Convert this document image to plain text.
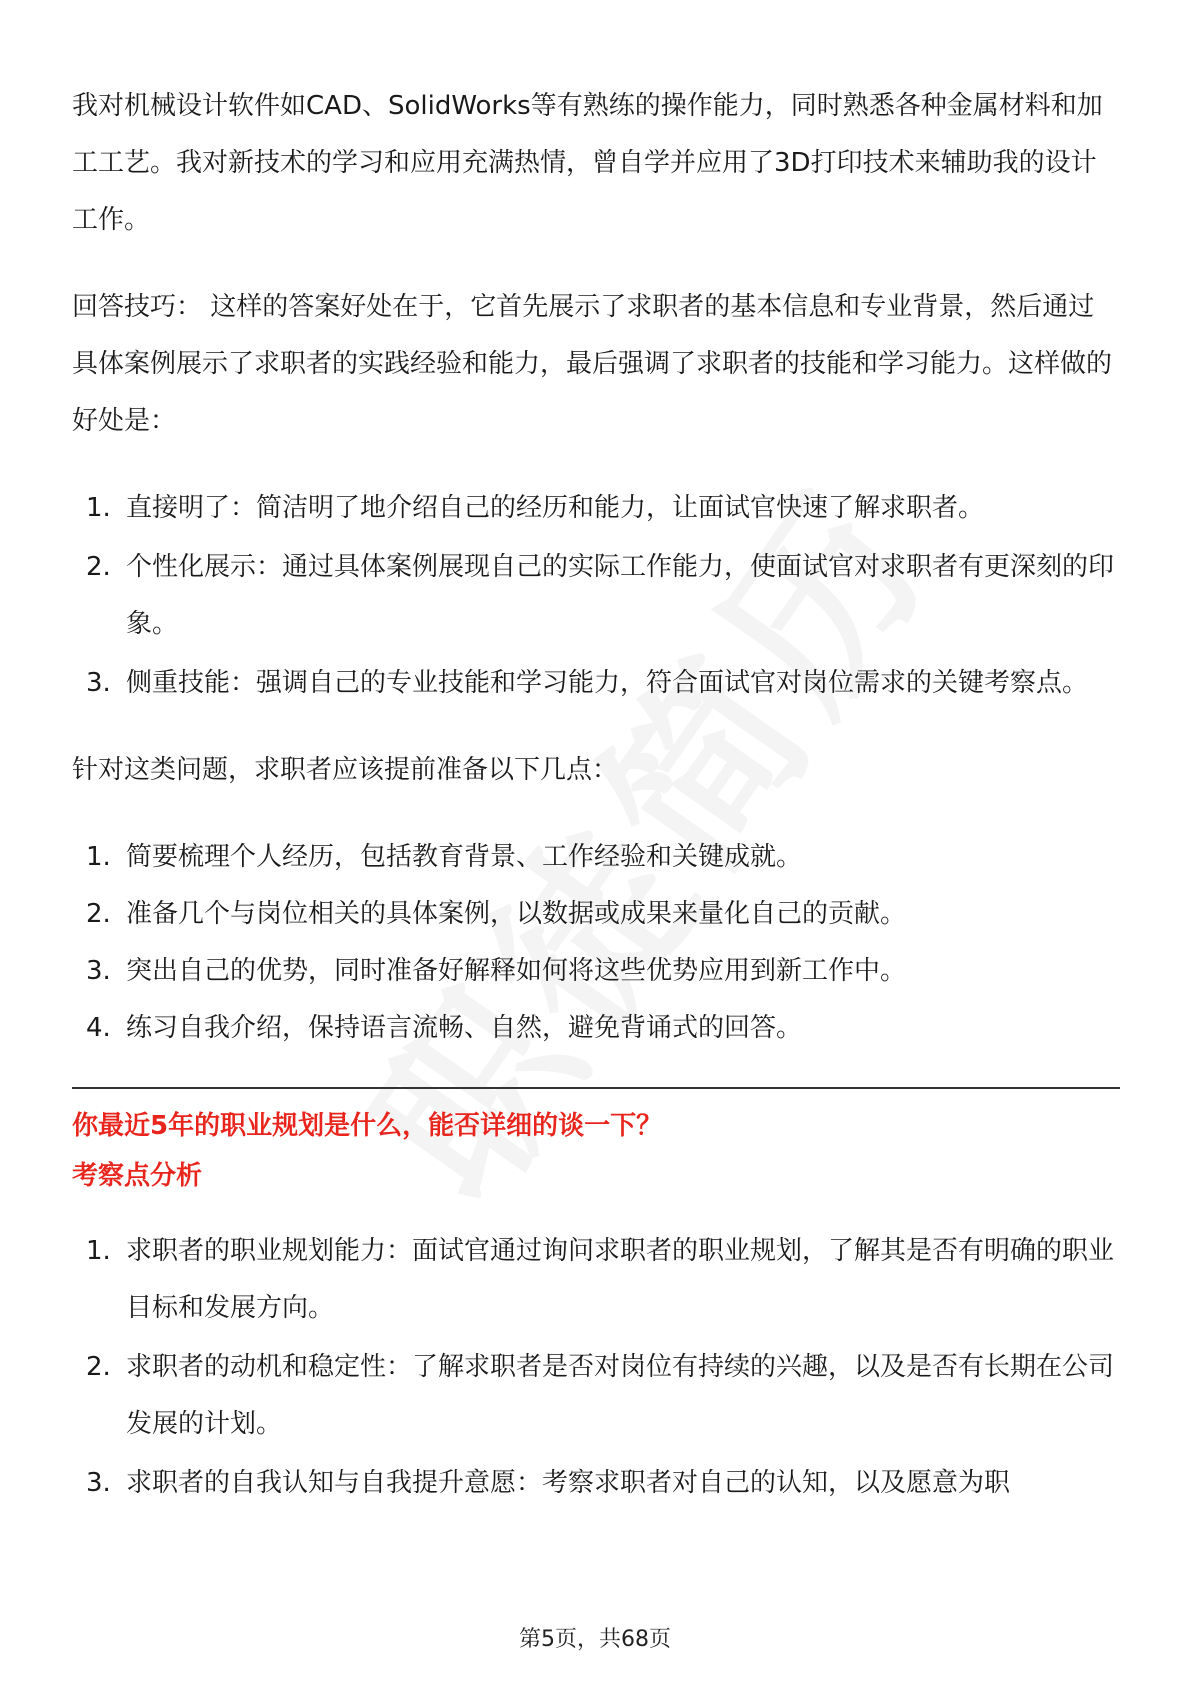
我对机械设计软件如CAD、SolidWorks等有熟练的操作能力，同时熟悉各种金属材料和加工工艺。我对新技术的学习和应用充满热情，曾自学并应用了3D打印技术来辅助我的设计工作。

回答技巧： 这样的答案好处在于，它首先展示了求职者的基本信息和专业背景，然后通过具体案例展示了求职者的实践经验和能力，最后强调了求职者的技能和学习能力。这样做的好处是：

1. 直接明了：简洁明了地介绍自己的经历和能力，让面试官快速了解求职者。
2. 个性化展示：通过具体案例展现自己的实际工作能力，使面试官对求职者有更深刻的印象。
3. 侧重技能：强调自己的专业技能和学习能力，符合面试官对岗位需求的关键考察点。

针对这类问题，求职者应该提前准备以下几点：

1. 简要梳理个人经历，包括教育背景、工作经验和关键成就。
2. 准备几个与岗位相关的具体案例，以数据或成果来量化自己的贡献。
3. 突出自己的优势，同时准备好解释如何将这些优势应用到新工作中。
4. 练习自我介绍，保持语言流畅、自然，避免背诵式的回答。

你最近5年的职业规划是什么，能否详细的谈一下？

考察点分析

1. 求职者的职业规划能力：面试官通过询问求职者的职业规划，了解其是否有明确的职业目标和发展方向。
2. 求职者的动机和稳定性：了解求职者是否对岗位有持续的兴趣，以及是否有长期在公司发展的计划。
3. 求职者的自我认知与自我提升意愿：考察求职者对自己的认知，以及愿意为职
第5页，共68页
